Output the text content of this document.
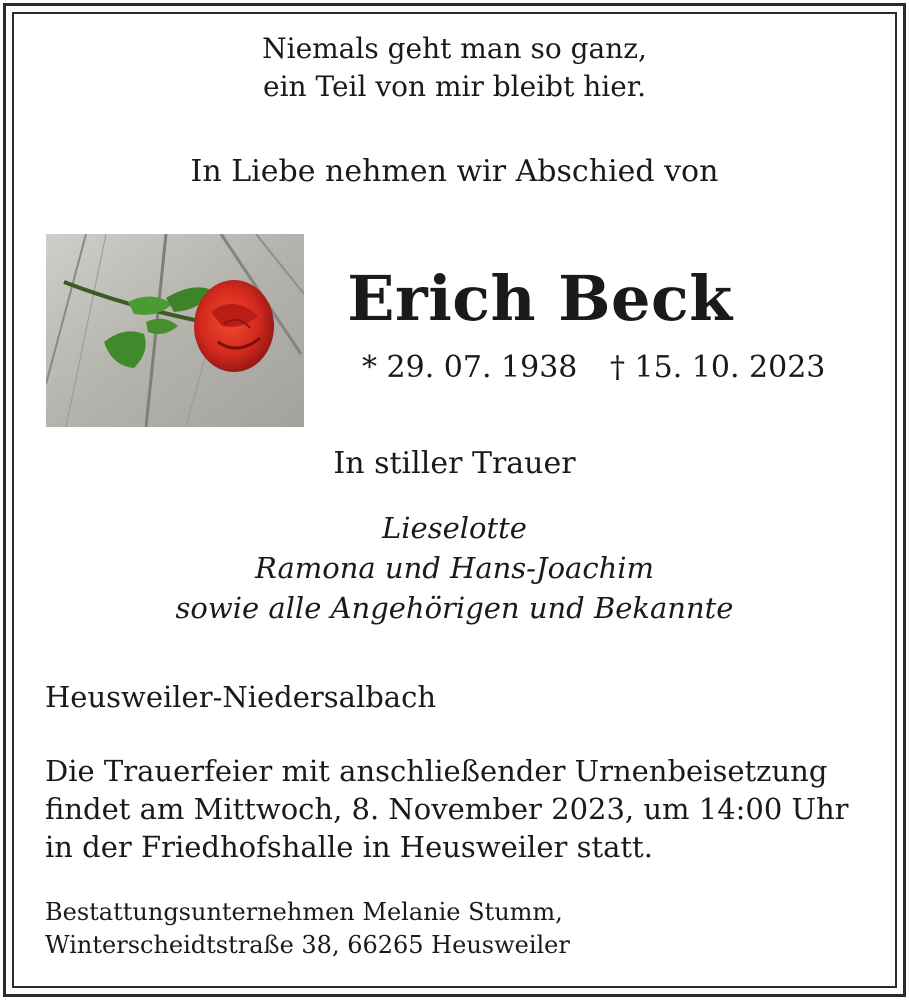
Niemals geht man so ganz,
ein Teil von mir bleibt hier.
In Liebe nehmen wir Abschied von
Erich Beck
* 29. 07. 1938 † 15. 10. 2023
In stiller Trauer
Lieselotte
Ramona und Hans-Joachim
sowie alle Angehörigen und Bekannte
Heusweiler-Niedersalbach
Die Trauerfeier mit anschließender Urnenbeisetzung
findet am Mittwoch, 8. November 2023, um 14:00 Uhr
in der Friedhofshalle in Heusweiler statt.
Bestattungsunternehmen Melanie Stumm,
Winterscheidtstraße 38, 66265 Heusweiler
